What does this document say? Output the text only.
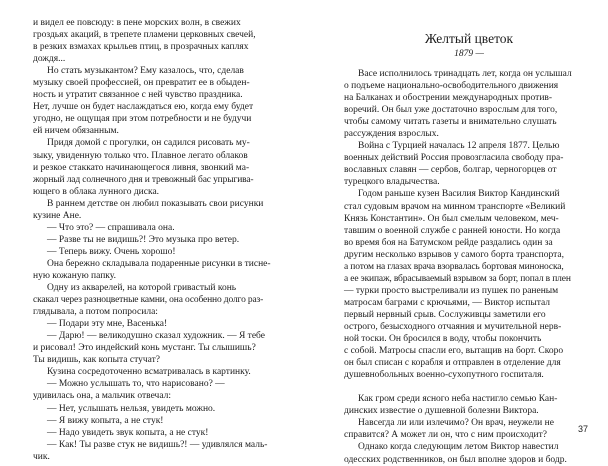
и видел ее повсюду: в пене морских волн, в свежих
гроздьях акаций, в трепете пламени церковных свечей,
в резких взмахах крыльев птиц, в прозрачных каплях
дождя...
Но стать музыкантом? Ему казалось, что, сделав
музыку своей профессией, он превратит ее в обыден-
ность и утратит связанное с ней чувство праздника.
Нет, лучше он будет наслаждаться ею, когда ему будет
угодно, не ощущая при этом потребности и не будучи
ей ничем обязанным.
Придя домой с прогулки, он садился рисовать му-
зыку, увиденную только что. Плавное легато облаков
и резкое стаккато начинающегося ливня, звонкий ма-
жорный лад солнечного дня и тревожный бас упрыгива-
ющего в облака лунного диска.
В раннем детстве он любил показывать свои рисунки
кузине Ане.
— Что это? — спрашивала она.
— Разве ты не видишь?! Это музыка про ветер.
— Теперь вижу. Очень хорошо!
Она бережно складывала подаренные рисунки в тисне-
ную кожаную папку.
Одну из акварелей, на которой гривастый конь
скакал через разноцветные камни, она особенно долго раз-
глядывала, а потом попросила:
— Подари эту мне, Васенька!
— Дарю! — великодушно сказал художник. — Я тебе
и рисовал! Это индейский конь мустанг. Ты слышишь?
Ты видишь, как копыта стучат?
Кузина сосредоточенно всматривалась в картинку.
— Можно услышать то, что нарисовано? —
удивилась она, а мальчик отвечал:
— Нет, услышать нельзя, увидеть можно.
— Я вижу копыта, а не стук!
— Надо увидеть звук копыта, а не стук!
— Как! Ты разве стук не видишь?! — удивлялся маль-
чик.
Желтый цветок
1879 —
Васе исполнилось тринадцать лет, когда он услышал
о подъеме национально-освободительного движения
на Балканах и обострении международных против-
воречий. Он был уже достаточно взрослым для того,
чтобы самому читать газеты и внимательно слушать
рассуждения взрослых.
Война с Турцией началась 12 апреля 1877. Целью
военных действий Россия провозгласила свободу пра-
вославных славян — сербов, болгар, черногорцев от
турецкого владычества.
Годом раньше кузен Василия Виктор Кандинский
стал судовым врачом на минном транспорте «Великий
Князь Константин». Он был смелым человеком, меч-
тавшим о военной службе с ранней юности. Но когда
во время боя на Батумском рейде раздались один за
другим несколько взрывов у самого борта транспорта,
а потом на глазах врача взорвалась бортовая миноноска,
а ее экипаж, вбрасываемый взрывом за борт, попал в плен
— турки просто выстреливали из пушек по раненым
матросам баграми с крючьями, — Виктор испытал
первый нервный срыв. Сослуживцы заметили его
острого, безысходного отчаяния и мучительной нерв-
ной тоски. Он бросился в воду, чтобы покончить
с собой. Матросы спасли его, вытащив на борт. Скоро
он был списан с корабля и отправлен в отделение для
душевнобольных военно-сухопутного госпиталя.
Как гром среди ясного неба настигло семью Кан-
динских известие о душевной болезни Виктора.
Навсегда ли или излечимо? Он врач, неужели не
справится? А может ли он, что с ним происходит?
Однако когда следующим летом Виктор навестил
одесских родственников, он был вполне здоров и бодр.
37
